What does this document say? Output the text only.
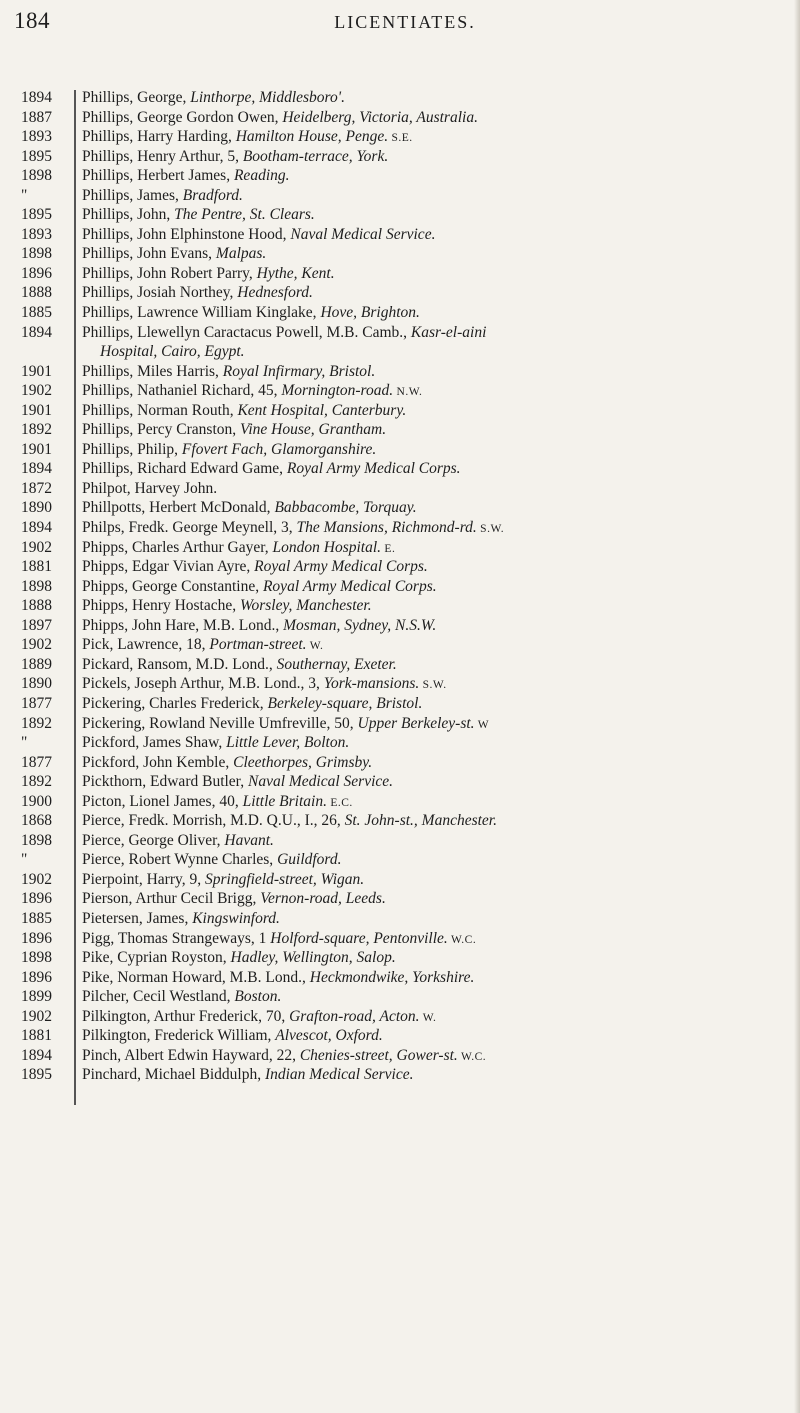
184	LICENTIATES.
1894	Phillips, George, Linthorpe, Middlesboro'.
1887	Phillips, George Gordon Owen, Heidelberg, Victoria, Australia.
1893	Phillips, Harry Harding, Hamilton House, Penge. S.E.
1895	Phillips, Henry Arthur, 5, Bootham-terrace, York.
1898	Phillips, Herbert James, Reading.
"	Phillips, James, Bradford.
1895	Phillips, John, The Pentre, St. Clears.
1893	Phillips, John Elphinstone Hood, Naval Medical Service.
1898	Phillips, John Evans, Malpas.
1896	Phillips, John Robert Parry, Hythe, Kent.
1888	Phillips, Josiah Northey, Hednesford.
1885	Phillips, Lawrence William Kinglake, Hove, Brighton.
1894	Phillips, Llewellyn Caractacus Powell, M.B. Camb., Kasr-el-aini
Hospital, Cairo, Egypt.
1901	Phillips, Miles Harris, Royal Infirmary, Bristol.
1902	Phillips, Nathaniel Richard, 45, Mornington-road. N.W.
1901	Phillips, Norman Routh, Kent Hospital, Canterbury.
1892	Phillips, Percy Cranston, Vine House, Grantham.
1901	Phillips, Philip, Ffovert Fach, Glamorganshire.
1894	Phillips, Richard Edward Game, Royal Army Medical Corps.
1872	Philpot, Harvey John.
1890	Phillpotts, Herbert McDonald, Babbacombe, Torquay.
1894	Philps, Fredk. George Meynell, 3, The Mansions, Richmond-rd. S.W.
1902	Phipps, Charles Arthur Gayer, London Hospital. E.
1881	Phipps, Edgar Vivian Ayre, Royal Army Medical Corps.
1898	Phipps, George Constantine, Royal Army Medical Corps.
1888	Phipps, Henry Hostache, Worsley, Manchester.
1897	Phipps, John Hare, M.B. Lond., Mosman, Sydney, N.S.W.
1902	Pick, Lawrence, 18, Portman-street. W.
1889	Pickard, Ransom, M.D. Lond., Southernay, Exeter.
1890	Pickels, Joseph Arthur, M.B. Lond., 3, York-mansions. S.W.
1877	Pickering, Charles Frederick, Berkeley-square, Bristol.
1892	Pickering, Rowland Neville Umfreville, 50, Upper Berkeley-st. W
"	Pickford, James Shaw, Little Lever, Bolton.
1877	Pickford, John Kemble, Cleethorpes, Grimsby.
1892	Pickthorn, Edward Butler, Naval Medical Service.
1900	Picton, Lionel James, 40, Little Britain. E.C.
1868	Pierce, Fredk. Morrish, M.D. Q.U., I., 26, St. John-st., Manchester.
1898	Pierce, George Oliver, Havant.
"	Pierce, Robert Wynne Charles, Guildford.
1902	Pierpoint, Harry, 9, Springfield-street, Wigan.
1896	Pierson, Arthur Cecil Brigg, Vernon-road, Leeds.
1885	Pietersen, James, Kingswinford.
1896	Pigg, Thomas Strangeways, 1 Holford-square, Pentonville. W.C.
1898	Pike, Cyprian Royston, Hadley, Wellington, Salop.
1896	Pike, Norman Howard, M.B. Lond., Heckmondwike, Yorkshire.
1899	Pilcher, Cecil Westland, Boston.
1902	Pilkington, Arthur Frederick, 70, Grafton-road, Acton. W.
1881	Pilkington, Frederick William, Alvescot, Oxford.
1894	Pinch, Albert Edwin Hayward, 22, Chenies-street, Gower-st. W.C.
1895	Pinchard, Michael Biddulph, Indian Medical Service.
